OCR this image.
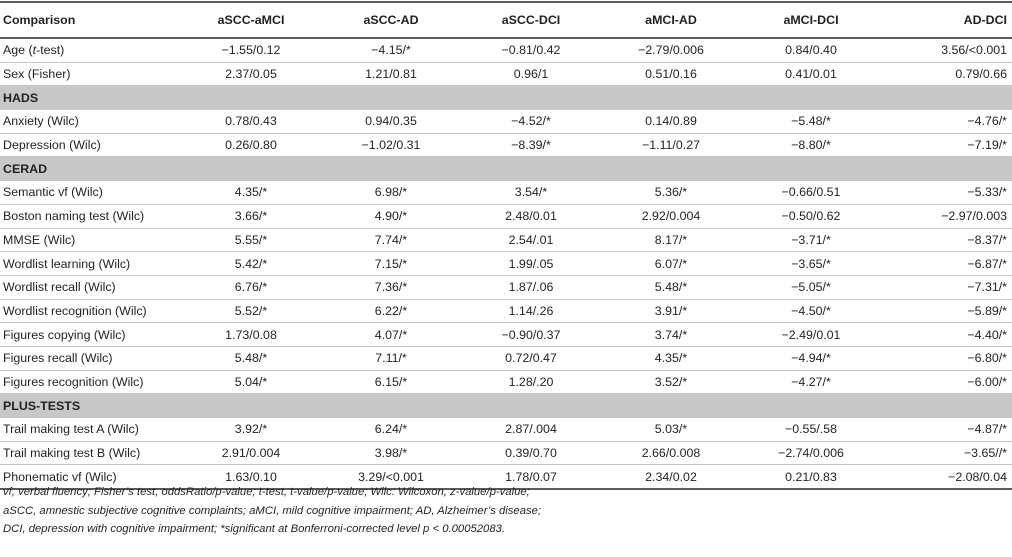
Comparison	aSCC-aMCI	aSCC-AD	aSCC-DCI	aMCI-AD	aMCI-DCI	AD-DCI
Age (t-test)	−1.55/0.12	−4.15/*	−0.81/0.42	−2.79/0.006	0.84/0.40	3.56/<0.001
Sex (Fisher)	2.37/0.05	1.21/0.81	0.96/1	0.51/0.16	0.41/0.01	0.79/0.66
HADS						
Anxiety (Wilc)	0.78/0.43	0.94/0.35	−4.52/*	0.14/0.89	−5.48/*	−4.76/*
Depression (Wilc)	0.26/0.80	−1.02/0.31	−8.39/*	−1.11/0.27	−8.80/*	−7.19/*
CERAD						
Semantic vf (Wilc)	4.35/*	6.98/*	3.54/*	5.36/*	−0.66/0.51	−5.33/*
Boston naming test (Wilc)	3.66/*	4.90/*	2.48/0.01	2.92/0.004	−0.50/0.62	−2.97/0.003
MMSE (Wilc)	5.55/*	7.74/*	2.54/.01	8.17/*	−3.71/*	−8.37/*
Wordlist learning (Wilc)	5.42/*	7.15/*	1.99/.05	6.07/*	−3.65/*	−6.87/*
Wordlist recall (Wilc)	6.76/*	7.36/*	1.87/.06	5.48/*	−5.05/*	−7.31/*
Wordlist recognition (Wilc)	5.52/*	6.22/*	1.14/.26	3.91/*	−4.50/*	−5.89/*
Figures copying (Wilc)	1.73/0.08	4.07/*	−0.90/0.37	3.74/*	−2.49/0.01	−4.40/*
Figures recall (Wilc)	5.48/*	7.11/*	0.72/0.47	4.35/*	−4.94/*	−6.80/*
Figures recognition (Wilc)	5.04/*	6.15/*	1.28/.20	3.52/*	−4.27/*	−6.00/*
PLUS-TESTS						
Trail making test A (Wilc)	3.92/*	6.24/*	2.87/.004	5.03/*	−0.55/.58	−4.87/*
Trail making test B (Wilc)	2.91/0.004	3.98/*	0.39/0.70	2.66/0.008	−2.74/0.006	−3.65//*
Phonematic vf (Wilc)	1.63/0.10	3.29/<0.001	1.78/0.07	2.34/0.02	0.21/0.83	−2.08/0.04
vf, verbal fluency; Fisher’s test, oddsRatio/p-value; t-test, t-value/p-value; Wilc: Wilcoxon, z-value/p-value;
aSCC, amnestic subjective cognitive complaints; aMCI, mild cognitive impairment; AD, Alzheimer’s disease;
DCI, depression with cognitive impairment; *significant at Bonferroni-corrected level p < 0.00052083.
